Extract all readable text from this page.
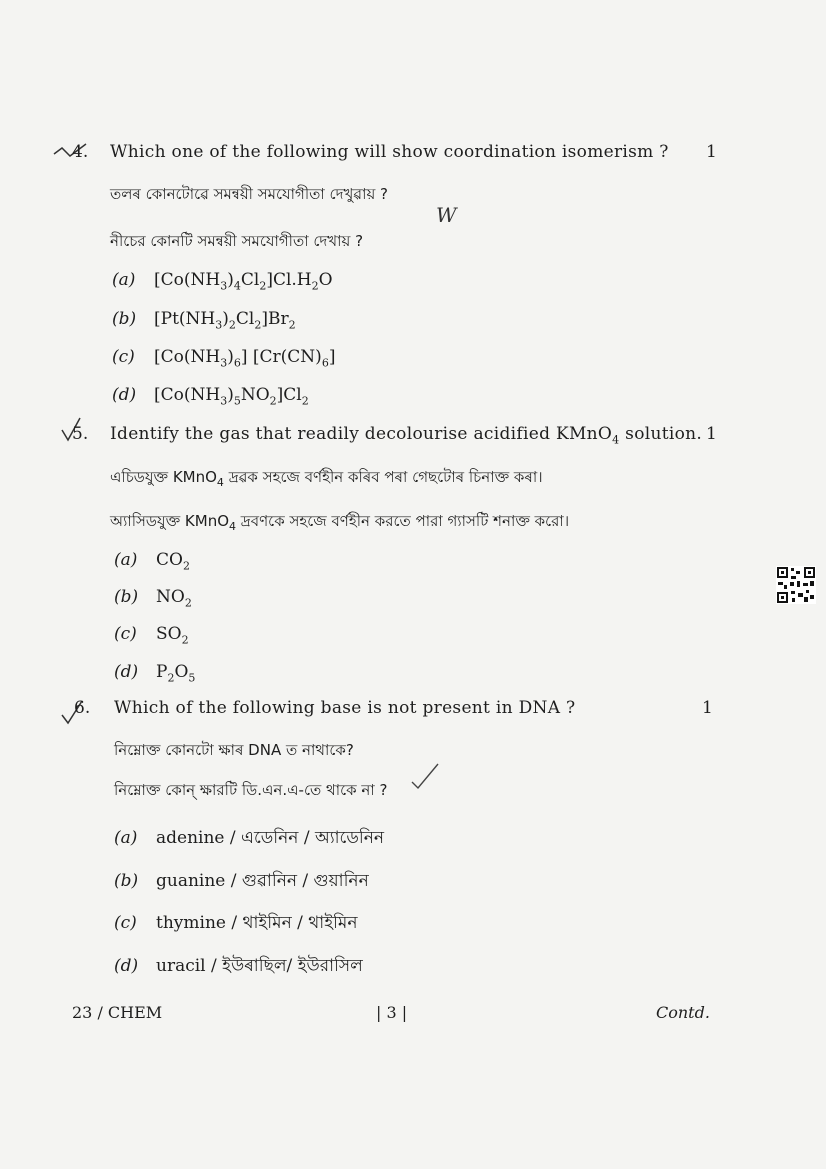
4. Which one of the following will show coordination isomerism ? 1
তলৰ কোনটোৱে সমন্বয়ী সমযোগীতা দেখুৱায় ?
W
নীচের কোনটি সমন্বয়ী সমযোগীতা দেখায় ?
(a) $[Co(NH_3)_4Cl_2]Cl.H_2O$
(b) $[Pt(NH_3)_2Cl_2]Br_2$
(c) $[Co(NH_3)_6]$ $[Cr(CN)_6]$
(d) $[Co(NH_3)_5NO_2]Cl_2$
5. Identify the gas that readily decolourise acidified KMnO$_4$ solution. 1
এচিডযুক্ত KMnO$_4$ দ্ৰৱক সহজে বৰ্ণহীন কৰিব পৰা গেছটোৰ চিনাক্ত কৰা।
অ্যাসিডযুক্ত KMnO$_4$ দ্রবণকে সহজে বর্ণহীন করতে পারা গ্যাসটি শনাক্ত করো।
(a) $CO_2$
(b) $NO_2$
(c) $SO_2$
(d) $P_2O_5$
6. Which of the following base is not present in DNA ?	1
নিম্নোক্ত কোনটো ক্ষাৰ DNA ত নাথাকে?
নিম্নোক্ত কোন্ ক্ষারটি ডি.এন.এ-তে থাকে না ?
(a) adenine / এডেনিন / অ্যাডেনিন
(b) guanine / গুৱানিন / গুয়ানিন
(c) thymine / থাইমিন / থাইমিন
(d) uracil / ইউৰাছিল/ ইউরাসিল
23 / CHEM	| 3 |	Contd.
